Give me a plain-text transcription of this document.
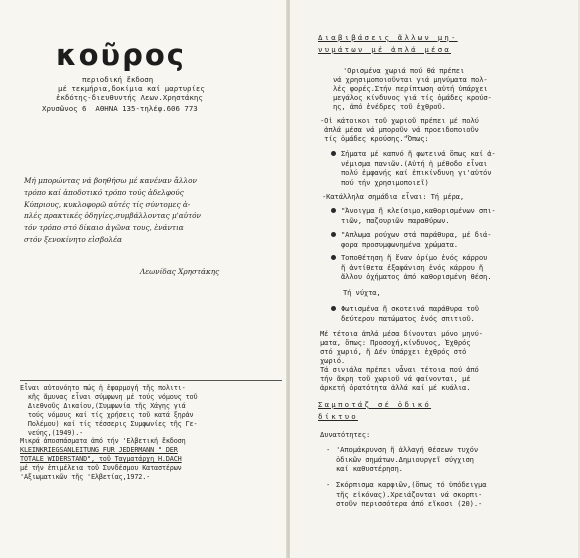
κοῦρος
περιοδική ἔκδοση
μέ τεκμήρια,δοκίμια καί μαρτυρίες
ἐκδότης-διευθυντής Λεων.Χρηστάκης
Χρυσῶνος 6  ΑΘΗΝΑ 135-τηλέφ.606 773

Μή μπορώντας νά βοηθήσω μέ κανέναν ἄλλον

τρόπο καί ἀποδοτικό τρόπο τούς ἀδελφούς

Κύπριους, κυκλοφορῶ αὐτές τίς σύντομες ἁ-

πλές πρακτικές ὁδηγίες,συμβάλλοντας μ'αὐτόν

τόν τρόπο στό δίκαιο ἀγῶνα τους, ἐνάντια

στόν ξενοκίνητο εἰσβολέα

Λεωνίδας Χρηστάκης
Εἶναι αὐτονόητο πώς ἡ ἐφαρμογή τῆς πολιτι-
κῆς ἄμυνας εἶναι σύμφωνη μέ τούς νόμους τοῦ
Διεθνοῦς Δικαίου,(Συμφωνία τῆς Χάγης γιά
τούς νόμους καί τίς χρήσεις τοῦ κατά ξηρἀν
Πολέμου) καί τίς τέσσερις Συμφωνίες τῆς Γε-
νεύης,(1949).-
Μικρά ἀποσπάσματα ἀπό τήν 'Ελβετική ἔκδοση
KLEINKRIEGSANLEITUNG FUR JEDERMANN " DER
TOTALE WIDERSTAND", τοῦ Ταγματάρχη H.DACH
μέ τήν ἐπιμέλεια τοῦ Συνδέσμου Καταστέρων
'Αξιωματικῶν τῆς 'Ελβετίας,1972.-
Διαβιβάσεις ἄλλων μη-
νυμάτων μέ ἁπλά μέσα
'Ορισμένα χωριά πού θά πρέπει
νά χρησιμοποιοῦνται γιά μηνύματα πολ-
λές φορές.Στήν περίπτωση αὐτή ὑπάρχει
μεγάλος κίνδυνος γιά τίς ὁμάδες κρούσ-
ης, ἀπό ἐνέδρες τοῦ ἐχθροῦ.
-Οἱ κάτοικοι τοῦ χωριοῦ πρέπει μέ πολύ
ἁπλά μέσα νά μποροῦν νά προειδοποιοῦν
τίς ὁμάδες κρούσης."Ὅπως:
Σήματα μέ καπνό ἤ φωτεινά ὅπως καί ἀ-
νέμισμα πανιῶν.(Αὐτή ἡ μέθοδο εἶναι
πολύ ἐμφανής καί ἐπικίνδυνη γι'αὐτόν
πού τήν χρησιμοποιεῖ)
-Κατάλληλα σημάδια εἶναι: Τή μέρα,
"Ἀνοιγμα ἤ κλείσιμο,καθορισμένων σπι-
τιῶν, παζουριῶν παραθύρων.
"Απλωμα ρούχων στά παράθυρα, μέ διά-
φορα προσυμφωνημένα χρώματα.
Τοποθέτηση ἤ ἔναν ὁρίμο ἑνός κάρρου
ἤ ἀντίθετα ἐξαφάνιση ἑνός κάρρου ἤ
ἄλλου ὀχήματος ἀπό καθορισμένη θέση.
Τή νύχτα,
Φωτισμένα ἤ σκοτεινά παράθυρα τοῦ
δεύτερου πατώματος ἑνός σπιτιοῦ.
Μέ τέτοια ἁπλά μέσα δίνονται μόνο μηνύ-
ματα, ὅπως: Προσοχή,κίνδυνος, Ἐχθρός
στό χωριό, ἤ Δέν ὑπάρχει ἐχθρός στό
χωριό.
Τά σινιάλα πρέπει νἆναι τέτοια πού ἀπό
τήν ἄκρη τοῦ χωριοῦ νά φαίνονται, μέ
ἀρκετή ὁρατότητα ἀλλά καί μέ κυάλια.
Σαμποτάζ σέ ὁδικό
δίκτυο
Δυνατότητες:
- 'Απομάκρυνση ἤ ἀλλαγή θέσεων τυχόν
ὁδικῶν σημάτων.Δημιουργεῖ σύγχιση
καί καθυστέρηση.
- Σκόρπισμα καρφιῶν,(ὅπως τό ὑπόδειγμα
τῆς εἰκόνας).Χρειάζονται νά σκορπι-
στοῦν περισσότερα ἀπό εἴκοσι (20).-
